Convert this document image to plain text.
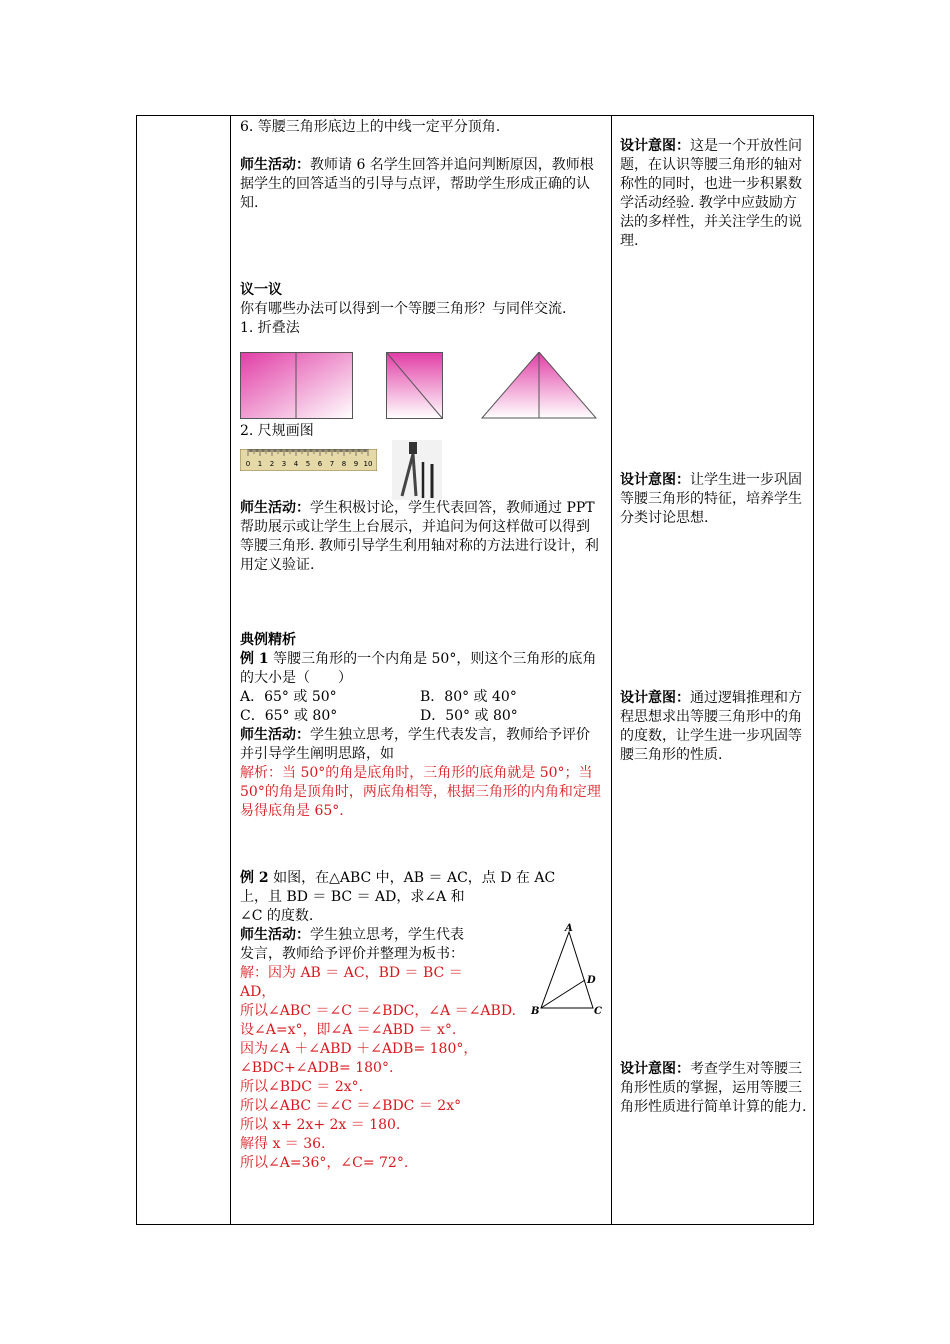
6. 等腰三角形底边上的中线一定平分顶角.

师生活动：教师请 6 名学生回答并追问判断原因，教师根据学生的回答适当的引导与点评，帮助学生形成正确的认知.

议一议

你有哪些办法可以得到一个等腰三角形？与同伴交流.

1. 折叠法

2. 尺规画图

师生活动：学生积极讨论，学生代表回答，教师通过 PPT 帮助展示或让学生上台展示，并追问为何这样做可以得到等腰三角形. 教师引导学生利用轴对称的方法进行设计，利用定义验证.

典例精析

例 1 等腰三角形的一个内角是 50°，则这个三角形的底角的大小是（　　）

A．65° 或 50°	B．80° 或 40°

C．65° 或 80°	D．50° 或 80°

师生活动：学生独立思考，学生代表发言，教师给予评价并引导学生阐明思路，如

解析：当 50°的角是底角时，三角形的底角就是 50°；当 50°的角是顶角时，两底角相等，根据三角形的内角和定理易得底角是 65°.

例 2 如图，在△ABC 中，AB ＝ AC，点 D 在 AC

上，且 BD ＝ BC ＝ AD，求∠A 和

∠C 的度数.

师生活动：学生独立思考，学生代表

发言，教师给予评价并整理为板书：

解：因为 AB ＝ AC，BD ＝ BC ＝

AD，

所以∠ABC ＝∠C ＝∠BDC，∠A ＝∠ABD.

设∠A=x°，即∠A ＝∠ABD ＝ x°.

因为∠A ＋∠ABD ＋∠ADB= 180°，

∠BDC+∠ADB= 180°.

所以∠BDC ＝ 2x°.

所以∠ABC ＝∠C ＝∠BDC ＝ 2x°

所以 x+ 2x+ 2x ＝ 180.

解得 x ＝ 36.

所以∠A=36°，∠C= 72°.

0 1 2 3 4 5 6 7 8 9 10
A
B	C
D
设计意图：这是一个开放性问题，在认识等腰三角形的轴对称性的同时，也进一步积累数学活动经验. 教学中应鼓励方法的多样性，并关注学生的说理.
设计意图：让学生进一步巩固等腰三角形的特征，培养学生分类讨论思想.
设计意图：通过逻辑推理和方程思想求出等腰三角形中的角的度数，让学生进一步巩固等腰三角形的性质.
设计意图：考查学生对等腰三角形性质的掌握，运用等腰三角形性质进行简单计算的能力.
